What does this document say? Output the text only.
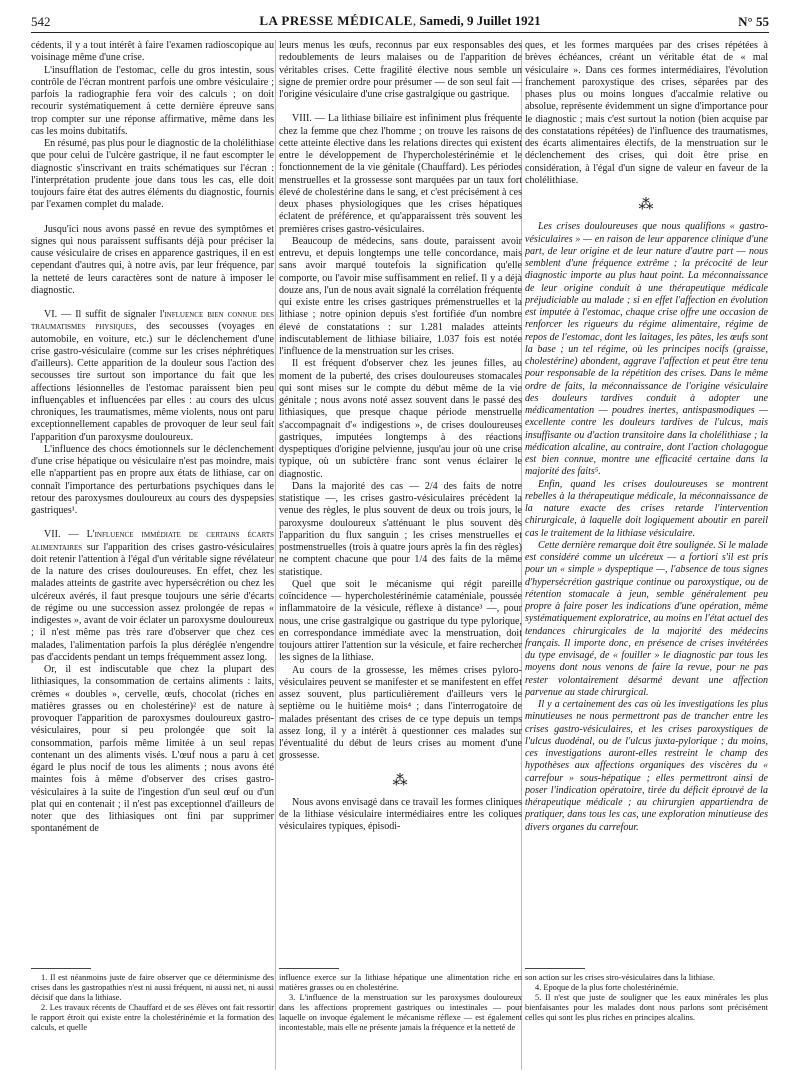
542	LA PRESSE MÉDICALE, Samedi, 9 Juillet 1921	N° 55

cédents, il y a tout intérêt à faire l'examen radioscopique au voisinage même d'une crise.

L'insufflation de l'estomac, celle du gros intestin, sous contrôle de l'écran montrent parfois une ombre vésiculaire ; parfois la radiographie fera voir des calculs ; on doit recourir systématiquement à cette dernière épreuve sans trop compter sur une réponse affirmative, même dans les cas les moins dubitatifs.

En résumé, pas plus pour le diagnostic de la cholélithiase que pour celui de l'ulcère gastrique, il ne faut escompter le diagnostic s'inscrivant en traits schématiques sur l'écran : l'interprétation prudente joue dans tous les cas, elle doit toujours faire état des autres éléments du diagnostic, fournis par l'examen complet du malade.

Jusqu'ici nous avons passé en revue des symptômes et signes qui nous paraissent suffisants déjà pour préciser la cause vésiculaire de crises en apparence gastriques, il en est cependant d'autres qui, à notre avis, par leur fréquence, par la netteté de leurs caractères sont de nature à imposer le diagnostic.

VI. — Il suffit de signaler l'influence bien connue des traumatismes physiques, des secousses (voyages en automobile, en voiture, etc.) sur le déclenchement d'une crise gastro-vésiculaire (comme sur les crises néphrétiques d'ailleurs). Cette apparition de la douleur sous l'action des secousses tire surtout son importance du fait que les affections lésionnelles de l'estomac paraissent bien peu influençables et influencées par elles : au cours des ulcus chroniques, les traumatismes, même violents, nous ont paru exceptionnellement capables de provoquer de leur seul fait l'apparition d'un paroxysme douloureux.

L'influence des chocs émotionnels sur le déclenchement d'une crise hépatique ou vésiculaire n'est pas moindre, mais elle n'appartient pas en propre aux états de lithiase, car on connaît l'importance des perturbations psychiques dans le retour des paroxysmes douloureux au cours des dyspepsies gastriques¹.

VII. — L'influence immédiate de certains écarts alimentaires sur l'apparition des crises gastro-vésiculaires doit retenir l'attention à l'égal d'un véritable signe révélateur de la nature des crises douloureuses. En effet, chez les malades atteints de gastrite avec hypersécrétion ou chez les ulcéreux avérés, il faut presque toujours une série d'écarts de régime ou une succession assez prolongée de repas « indigestes », avant de voir éclater un paroxysme douloureux ; il n'est même pas très rare d'observer que chez ces malades, l'alimentation parfois la plus déréglée n'engendre pas d'accidents pendant un temps fréquemment assez long.

Or, il est indiscutable que chez la plupart des lithiasiques, la consommation de certains aliments : laits, crèmes « doubles », cervelle, œufs, chocolat (riches en matières grasses ou en cholestérine)² est de nature à provoquer l'apparition de paroxysmes douloureux gastro-vésiculaires, pour si peu prolongée que soit la consommation, parfois même limitée à un seul repas contenant un des aliments visés. L'œuf nous a paru à cet égard le plus nocif de tous les aliments ; nous avons été maintes fois à même d'observer des crises gastro-vésiculaires à la suite de l'ingestion d'un seul œuf ou d'un plat qui en contenait ; il n'est pas exceptionnel d'ailleurs de noter que des lithiasiques ont fini par supprimer spontanément de

leurs menus les œufs, reconnus par eux responsables des redoublements de leurs malaises ou de l'apparition de véritables crises. Cette fragilité élective nous semble un signe de premier ordre pour présumer — de son seul fait — l'origine vésiculaire d'une crise gastralgique ou gastrique.

VIII. — La lithiase biliaire est infiniment plus fréquente chez la femme que chez l'homme ; on trouve les raisons de cette atteinte élective dans les relations directes qui existent entre le développement de l'hypercholestérinémie et le fonctionnement de la vie génitale (Chauffard). Les périodes menstruelles et la grossesse sont marquées par un taux fort élevé de cholestérine dans le sang, et c'est précisément à ces deux phases physiologiques que les crises hépatiques éclatent de préférence, et qu'apparaissent très souvent les premières crises gastro-vésiculaires.

Beaucoup de médecins, sans doute, paraissent avoir entrevu, et depuis longtemps une telle concordance, mais sans avoir marqué toutefois la signification qu'elle comporte, ou l'avoir mise suffisamment en relief. Il y a déjà douze ans, l'un de nous avait signalé la corrélation fréquente qui existe entre les crises gastriques prémenstruelles et la lithiase ; notre opinion depuis s'est fortifiée d'un nombre élevé de constatations : sur 1.281 malades atteints indiscutablement de lithiase biliaire, 1.037 fois est notée l'influence de la menstruation sur les crises.

Il est fréquent d'observer chez les jeunes filles, au moment de la puberté, des crises douloureuses stomacales qui sont mises sur le compte du début même de la vie génitale ; nous avons noté assez souvent dans le passé des lithiasiques, que presque chaque période menstruelle s'accompagnait d'« indigestions », de crises douloureuses gastriques, imputées longtemps à des réactions dyspeptiques d'origine pelvienne, jusqu'au jour où une crise typique, où un subictère franc sont venus éclairer le diagnostic.

Dans la majorité des cas — 2/4 des faits de notre statistique —, les crises gastro-vésiculaires précèdent la venue des règles, le plus souvent de deux ou trois jours, le paroxysme douloureux s'atténuant le plus souvent dès l'apparition du flux sanguin ; les crises menstruelles et postmenstruelles (trois à quatre jours après la fin des règles) ne comptent chacune que pour 1/4 des faits de la même statistique.

Quel que soit le mécanisme qui régit pareille coïncidence — hypercholestérinémie cataméniale, poussée inflammatoire de la vésicule, réflexe à distance³ —, pour nous, une crise gastralgique ou gastrique du type pylorique, en correspondance immédiate avec la menstruation, doit toujours attirer l'attention sur la vésicule, et faire rechercher les signes de la lithiase.

Au cours de la grossesse, les mêmes crises pyloro-vésiculaires peuvent se manifester et se manifestent en effet assez souvent, plus particulièrement d'ailleurs vers le septième ou le huitième mois⁴ ; dans l'interrogatoire de malades présentant des crises de ce type depuis un temps assez long, il y a intérêt à questionner ces malades sur l'éventualité du début de leurs crises au moment d'une grossesse.

⁂

Nous avons envisagé dans ce travail les formes cliniques de la lithiase vésiculaire intermédiaires entre les coliques vésiculaires typiques, épisodi-

ques, et les formes marquées par des crises répétées à brèves échéances, créant un véritable état de « mal vésiculaire ». Dans ces formes intermédiaires, l'évolution franchement paroxystique des crises, séparées par des phases plus ou moins longues d'accalmie relative ou absolue, représente évidemment un signe d'importance pour le diagnostic ; mais c'est surtout la notion (bien acquise par des constatations répétées) de l'influence des traumatismes, des écarts alimentaires électifs, de la menstruation sur le déclenchement des crises, qui doit être prise en considération, à l'égal d'un signe de valeur en faveur de la cholélithiase.

⁂

Les crises douloureuses que nous qualifions « gastro-vésiculaires » — en raison de leur apparence clinique d'une part, de leur origine et de leur nature d'autre part — nous semblent d'une fréquence extrême ; la précocité de leur diagnostic importe au plus haut point. La méconnaissance de leur origine conduit à une thérapeutique médicale préjudiciable au malade ; si en effet l'affection en évolution est imputée à l'estomac, chaque crise offre une occasion de renforcer les rigueurs du régime alimentaire, régime de repos de l'estomac, dont les laitages, les pâtes, les œufs sont la base ; un tel régime, où les principes nocifs (graisse, cholestérine) abondent, aggrave l'affection et peut être tenu pour responsable de la répétition des crises. Dans le même ordre de faits, la méconnaissance de l'origine vésiculaire des douleurs tardives conduit à adopter une médicamentation — poudres inertes, antispasmodiques — excellente contre les douleurs tardives de l'ulcus, mais insuffisante ou d'action transitoire dans la cholélithiase ; la médication alcaline, au contraire, dont l'action cholagogue est bien connue, montre une efficacité certaine dans la majorité des faits⁵.

Enfin, quand les crises douloureuses se montrent rebelles à la thérapeutique médicale, la méconnaissance de la nature exacte des crises retarde l'intervention chirurgicale, à laquelle doit logiquement aboutir en pareil cas le traitement de la lithiase vésiculaire.

Cette dernière remarque doit être soulignée. Si le malade est considéré comme un ulcéreux — a fortiori s'il est pris pour un « simple » dyspeptique —, l'absence de tous signes d'hypersécrétion gastrique continue ou paroxystique, ou de rétention stomacale à jeun, semble généralement peu propre à faire poser les indications d'une opération, même systématiquement exploratrice, au moins en l'état actuel des tendances chirurgicales de la majorité des médecins français. Il importe donc, en présence de crises invétérées du type envisagé, de « fouiller » le diagnostic par tous les moyens dont nous venons de faire la revue, pour ne pas rester volontairement désarmé devant une affection parvenue au stade chirurgical.

Il y a certainement des cas où les investigations les plus minutieuses ne nous permettront pas de trancher entre les crises gastro-vésiculaires, et les crises paroxystiques de l'ulcus duodénal, ou de l'ulcus juxta-pylorique ; du moins, ces investigations auront-elles restreint le champ des hypothèses aux affections organiques des viscères du « carrefour » sous-hépatique ; elles permettront ainsi de poser l'indication opératoire, tirée du déficit éprouvé de la thérapeutique médicale ; au chirurgien appartiendra de pratiquer, dans tous les cas, une exploration minutieuse des divers organes du carrefour.

1. Il est néanmoins juste de faire observer que ce déterminisme des crises dans les gastropathies n'est ni aussi fréquent, ni aussi net, ni aussi décisif que dans la lithiase.

2. Les travaux récents de Chauffard et de ses élèves ont fait ressortir le rapport étroit qui existe entre la cholestérinémie et la formation des calculs, et quelle

influence exerce sur la lithiase hépatique une alimentation riche en matières grasses ou en cholestérine.

3. L'influence de la menstruation sur les paroxysmes douloureux dans les affections proprement gastriques ou intestinales — pour laquelle on invoque également le mécanisme réflexe — est également incontestable, mais elle ne présente jamais la fréquence et la netteté de

son action sur les crises stro-vésiculaires dans la lithiase.

4. Epoque de la plus forte cholestérinémie.

5. Il n'est que juste de souligner que les eaux minérales les plus bienfaisantes pour les malades dont nous parlons sont précisément celles qui sont les plus riches en principes alcalins.
